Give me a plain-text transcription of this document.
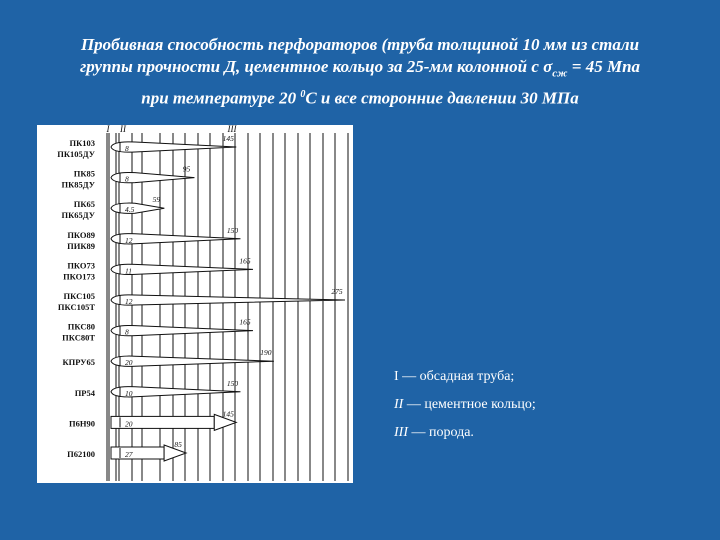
Пробивная способность перфораторов (труба толщиной 10 мм из стали
группы прочности Д, цементное кольцо за 25-мм колонной с $\sigma_{сж} = 45$ Мпа
при температуре 20 $^0$С и все сторонние давлении 30 МПа
I II	III
ПК103
ПК105ДУ
8
145
ПК85
ПК85ДУ
8
95
ПК65
ПК65ДУ
4.5
59
ПКО89
ПИК89
12
150
ПКО73
ПКО173
11
165
ПКС105
ПКС105Т
12
275
ПКС80
ПКС80Т
8
165
КПРУ65	20
190
ПР54	10
150
П6Н90	20
145
П62100	27
85
I — обсадная труба;
II — цементное кольцо;
III — порода.
